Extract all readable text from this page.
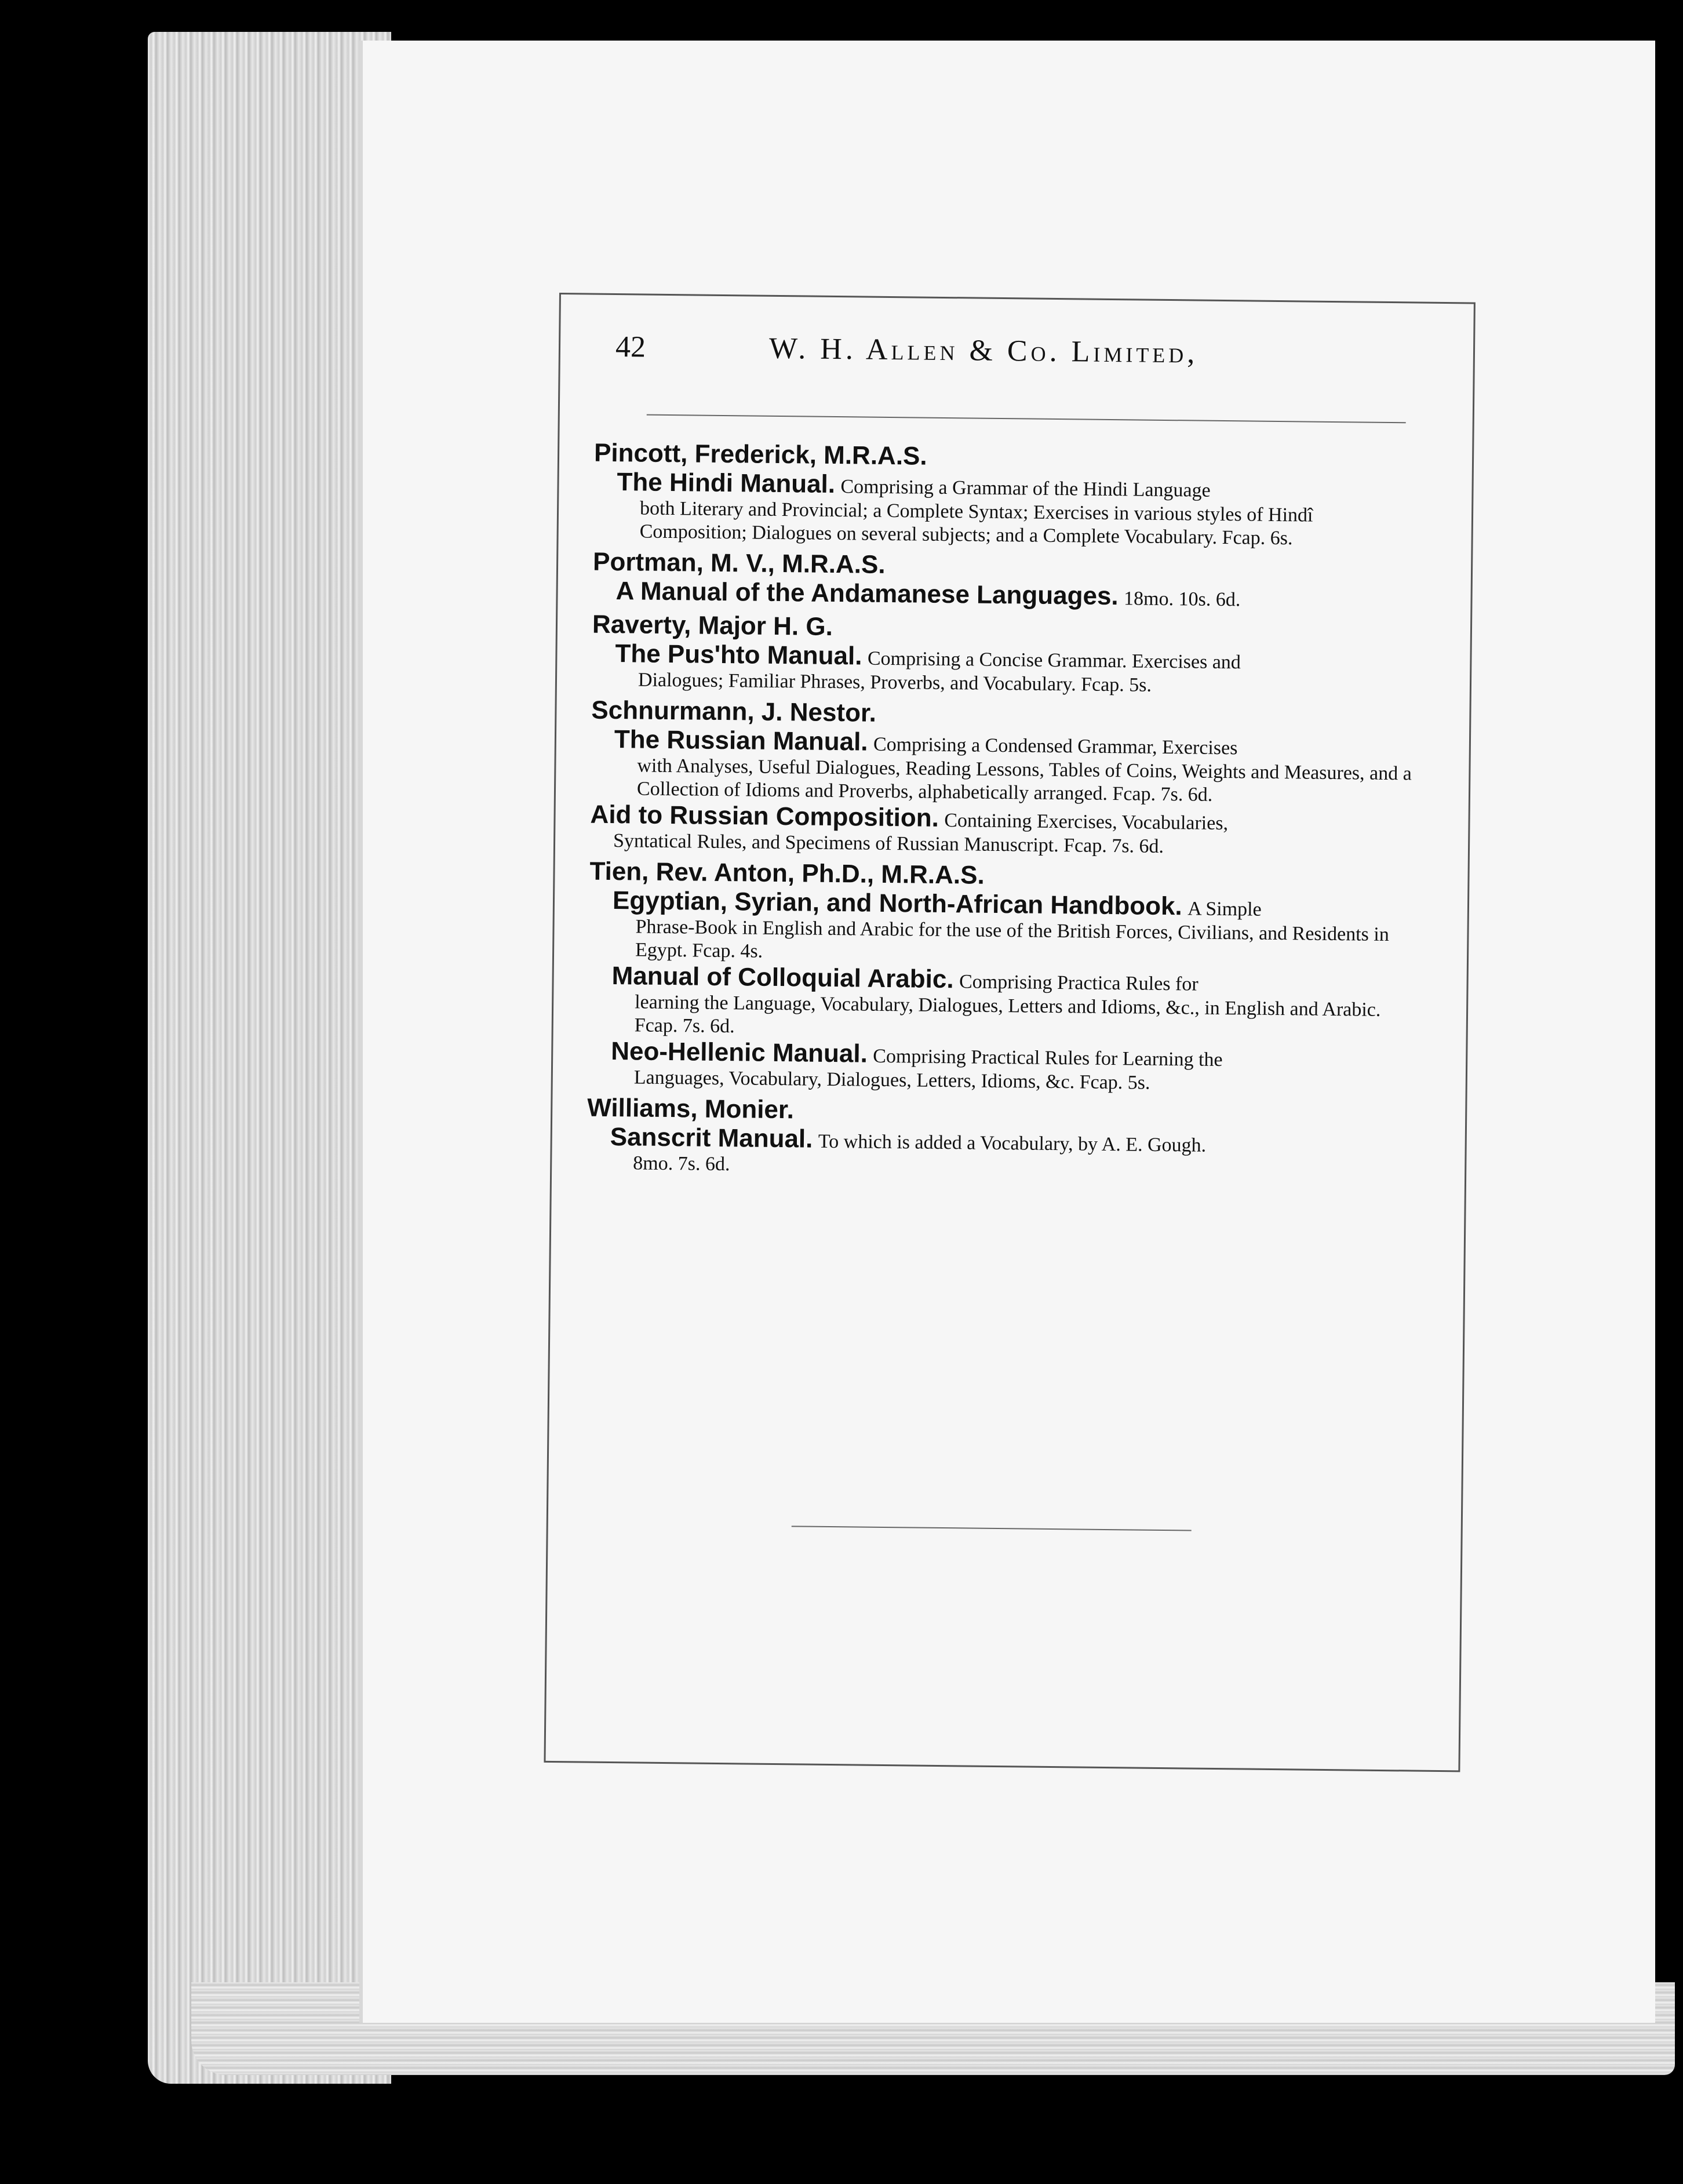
42	W. H. Allen & Co. Limited,
Pincott, Frederick, M.R.A.S.
The Hindi Manual. Comprising a Grammar of the Hindi Language
both Literary and Provincial; a Complete Syntax; Exercises in various styles of Hindî Composition; Dialogues on several subjects; and a Complete Vocabulary. Fcap. 6s.
Portman, M. V., M.R.A.S.
A Manual of the Andamanese Languages. 18mo. 10s. 6d.
Raverty, Major H. G.
The Pus'hto Manual. Comprising a Concise Grammar. Exercises and
Dialogues; Familiar Phrases, Proverbs, and Vocabulary. Fcap. 5s.
Schnurmann, J. Nestor.
The Russian Manual. Comprising a Condensed Grammar, Exercises
with Analyses, Useful Dialogues, Reading Lessons, Tables of Coins, Weights and Measures, and a Collection of Idioms and Proverbs, alphabetically arranged. Fcap. 7s. 6d.
Aid to Russian Composition. Containing Exercises, Vocabularies,
Syntatical Rules, and Specimens of Russian Manuscript. Fcap. 7s. 6d.
Tien, Rev. Anton, Ph.D., M.R.A.S.
Egyptian, Syrian, and North-African Handbook. A Simple
Phrase-Book in English and Arabic for the use of the British Forces, Civilians, and Residents in Egypt. Fcap. 4s.
Manual of Colloquial Arabic. Comprising Practica Rules for
learning the Language, Vocabulary, Dialogues, Letters and Idioms, &c., in English and Arabic. Fcap. 7s. 6d.
Neo-Hellenic Manual. Comprising Practical Rules for Learning the
Languages, Vocabulary, Dialogues, Letters, Idioms, &c. Fcap. 5s.
Williams, Monier.
Sanscrit Manual. To which is added a Vocabulary, by A. E. Gough.
8mo. 7s. 6d.
